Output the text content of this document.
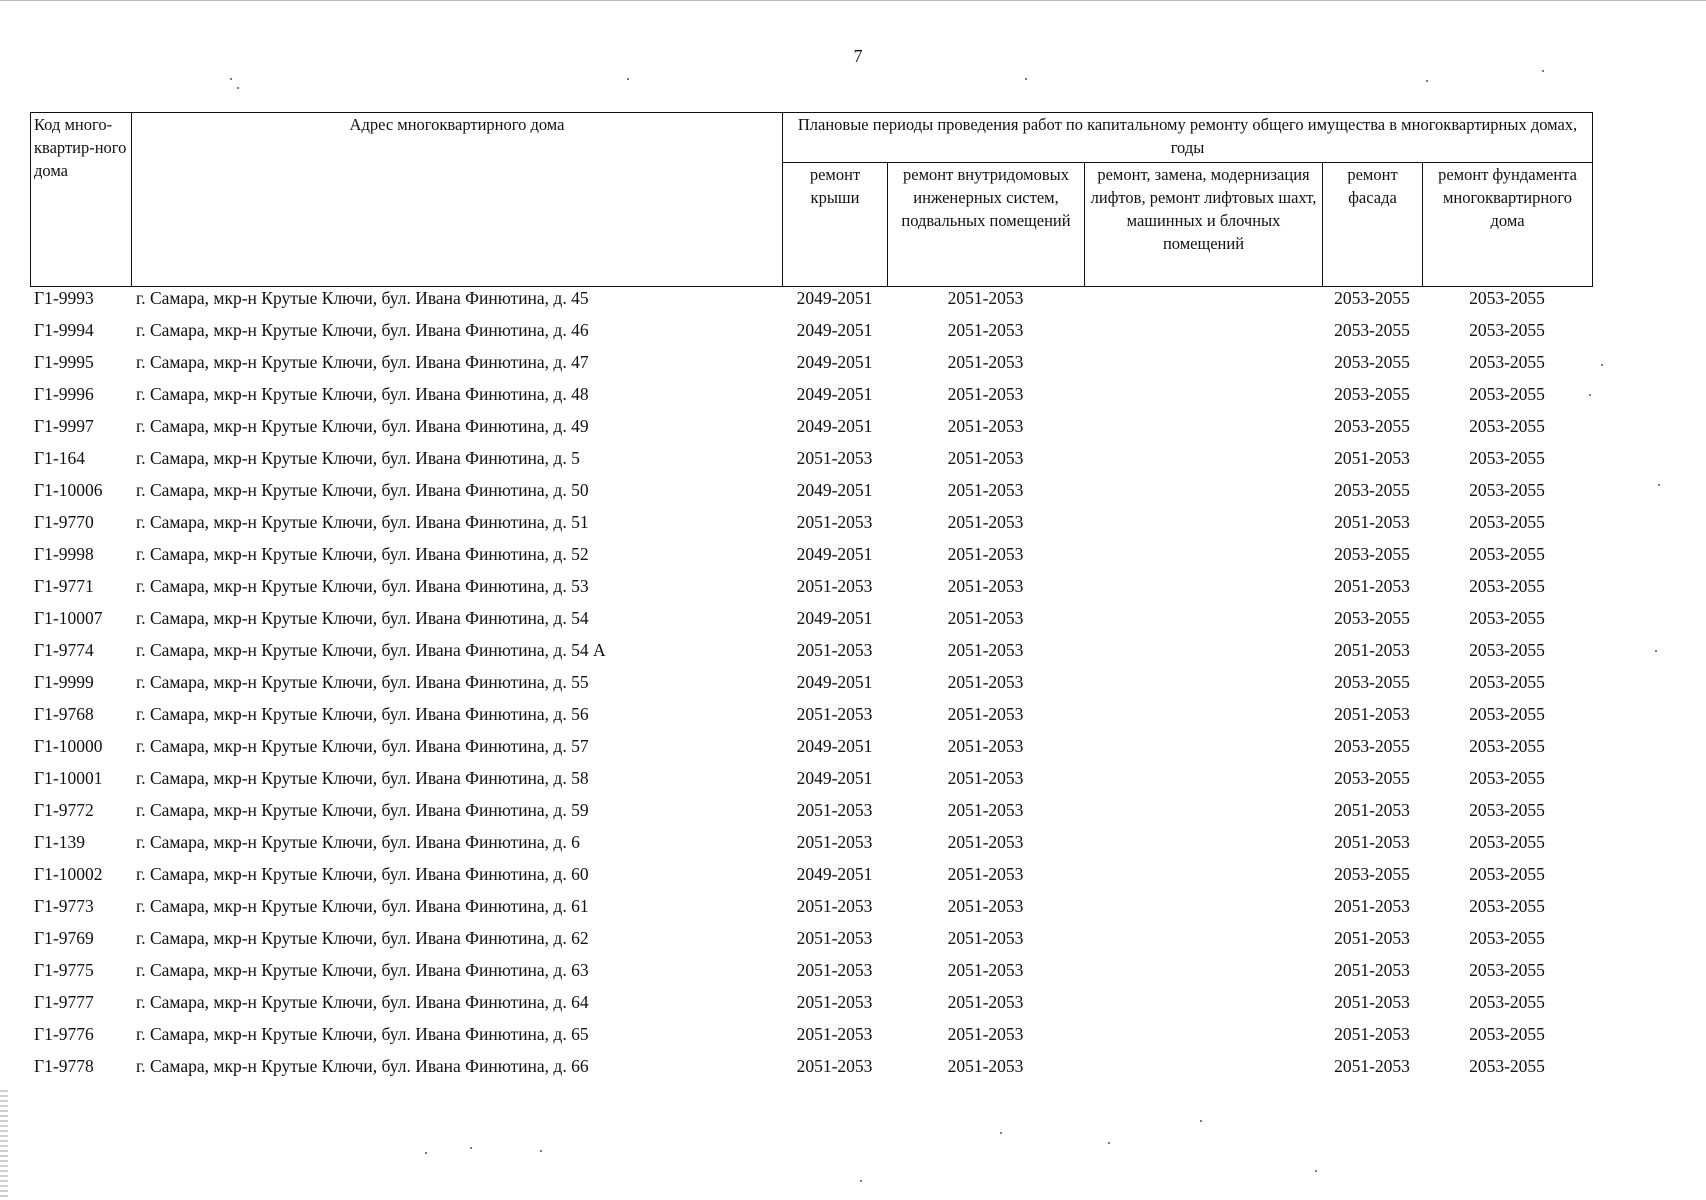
7
Код много-квартир-ного дома	Адрес многоквартирного дома	Плановые периоды проведения работ по капитальному ремонту общего имущества в многоквартирных домах, годы				
		ремонт крыши	ремонт внутридомовых инженерных систем, подвальных помещений	ремонт, замена, модернизация лифтов, ремонт лифтовых шахт, машинных и блочных помещений	ремонт фасада	ремонт фундамента многоквартирного дома
Г1-9993	г. Самара, мкр-н Крутые Ключи, бул. Ивана Финютина, д. 45	2049-2051	2051-2053		2053-2055	2053-2055
Г1-9994	г. Самара, мкр-н Крутые Ключи, бул. Ивана Финютина, д. 46	2049-2051	2051-2053		2053-2055	2053-2055
Г1-9995	г. Самара, мкр-н Крутые Ключи, бул. Ивана Финютина, д. 47	2049-2051	2051-2053		2053-2055	2053-2055
Г1-9996	г. Самара, мкр-н Крутые Ключи, бул. Ивана Финютина, д. 48	2049-2051	2051-2053		2053-2055	2053-2055
Г1-9997	г. Самара, мкр-н Крутые Ключи, бул. Ивана Финютина, д. 49	2049-2051	2051-2053		2053-2055	2053-2055
Г1-164	г. Самара, мкр-н Крутые Ключи, бул. Ивана Финютина, д. 5	2051-2053	2051-2053		2051-2053	2053-2055
Г1-10006	г. Самара, мкр-н Крутые Ключи, бул. Ивана Финютина, д. 50	2049-2051	2051-2053		2053-2055	2053-2055
Г1-9770	г. Самара, мкр-н Крутые Ключи, бул. Ивана Финютина, д. 51	2051-2053	2051-2053		2051-2053	2053-2055
Г1-9998	г. Самара, мкр-н Крутые Ключи, бул. Ивана Финютина, д. 52	2049-2051	2051-2053		2053-2055	2053-2055
Г1-9771	г. Самара, мкр-н Крутые Ключи, бул. Ивана Финютина, д. 53	2051-2053	2051-2053		2051-2053	2053-2055
Г1-10007	г. Самара, мкр-н Крутые Ключи, бул. Ивана Финютина, д. 54	2049-2051	2051-2053		2053-2055	2053-2055
Г1-9774	г. Самара, мкр-н Крутые Ключи, бул. Ивана Финютина, д. 54 А	2051-2053	2051-2053		2051-2053	2053-2055
Г1-9999	г. Самара, мкр-н Крутые Ключи, бул. Ивана Финютина, д. 55	2049-2051	2051-2053		2053-2055	2053-2055
Г1-9768	г. Самара, мкр-н Крутые Ключи, бул. Ивана Финютина, д. 56	2051-2053	2051-2053		2051-2053	2053-2055
Г1-10000	г. Самара, мкр-н Крутые Ключи, бул. Ивана Финютина, д. 57	2049-2051	2051-2053		2053-2055	2053-2055
Г1-10001	г. Самара, мкр-н Крутые Ключи, бул. Ивана Финютина, д. 58	2049-2051	2051-2053		2053-2055	2053-2055
Г1-9772	г. Самара, мкр-н Крутые Ключи, бул. Ивана Финютина, д. 59	2051-2053	2051-2053		2051-2053	2053-2055
Г1-139	г. Самара, мкр-н Крутые Ключи, бул. Ивана Финютина, д. 6	2051-2053	2051-2053		2051-2053	2053-2055
Г1-10002	г. Самара, мкр-н Крутые Ключи, бул. Ивана Финютина, д. 60	2049-2051	2051-2053		2053-2055	2053-2055
Г1-9773	г. Самара, мкр-н Крутые Ключи, бул. Ивана Финютина, д. 61	2051-2053	2051-2053		2051-2053	2053-2055
Г1-9769	г. Самара, мкр-н Крутые Ключи, бул. Ивана Финютина, д. 62	2051-2053	2051-2053		2051-2053	2053-2055
Г1-9775	г. Самара, мкр-н Крутые Ключи, бул. Ивана Финютина, д. 63	2051-2053	2051-2053		2051-2053	2053-2055
Г1-9777	г. Самара, мкр-н Крутые Ключи, бул. Ивана Финютина, д. 64	2051-2053	2051-2053		2051-2053	2053-2055
Г1-9776	г. Самара, мкр-н Крутые Ключи, бул. Ивана Финютина, д. 65	2051-2053	2051-2053		2051-2053	2053-2055
Г1-9778	г. Самара, мкр-н Крутые Ключи, бул. Ивана Финютина, д. 66	2051-2053	2051-2053		2051-2053	2053-2055
